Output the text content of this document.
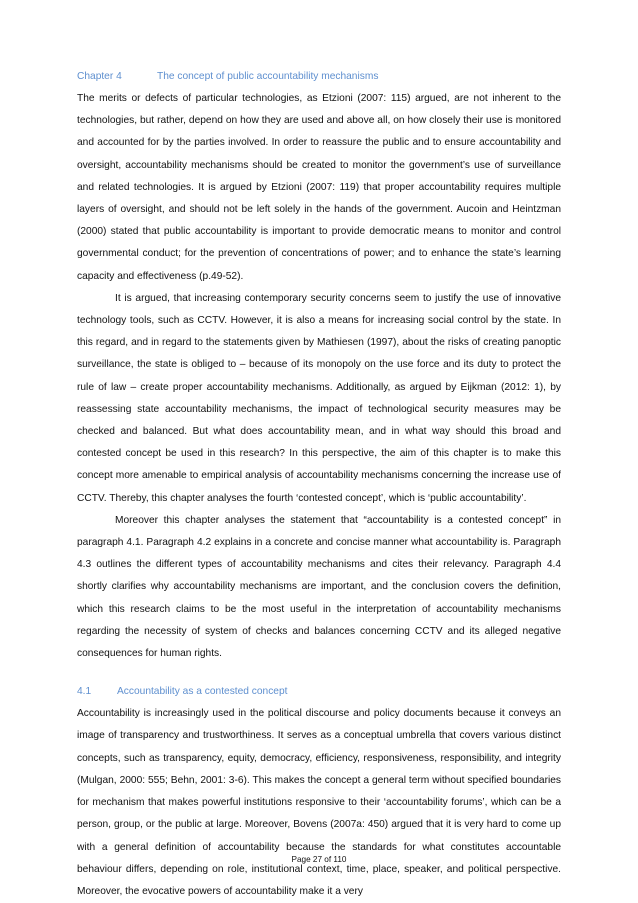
Chapter 4	The concept of public accountability mechanisms

The merits or defects of particular technologies, as Etzioni (2007: 115) argued, are not inherent to the technologies, but rather, depend on how they are used and above all, on how closely their use is monitored and accounted for by the parties involved. In order to reassure the public and to ensure accountability and oversight, accountability mechanisms should be created to monitor the government’s use of surveillance and related technologies. It is argued by Etzioni (2007: 119) that proper accountability requires multiple layers of oversight, and should not be left solely in the hands of the government. Aucoin and Heintzman (2000) stated that public accountability is important to provide democratic means to monitor and control governmental conduct; for the prevention of concentrations of power; and to enhance the state’s learning capacity and effectiveness (p.49-52).

It is argued, that increasing contemporary security concerns seem to justify the use of innovative technology tools, such as CCTV. However, it is also a means for increasing social control by the state. In this regard, and in regard to the statements given by Mathiesen (1997), about the risks of creating panoptic surveillance, the state is obliged to – because of its monopoly on the use force and its duty to protect the rule of law – create proper accountability mechanisms. Additionally, as argued by Eijkman (2012: 1), by reassessing state accountability mechanisms, the impact of technological security measures may be checked and balanced. But what does accountability mean, and in what way should this broad and contested concept be used in this research? In this perspective, the aim of this chapter is to make this concept more amenable to empirical analysis of accountability mechanisms concerning the increase use of CCTV. Thereby, this chapter analyses the fourth ‘contested concept’, which is ‘public accountability’.

Moreover this chapter analyses the statement that “accountability is a contested concept” in paragraph 4.1. Paragraph 4.2 explains in a concrete and concise manner what accountability is. Paragraph 4.3 outlines the different types of accountability mechanisms and cites their relevancy. Paragraph 4.4 shortly clarifies why accountability mechanisms are important, and the conclusion covers the definition, which this research claims to be the most useful in the interpretation of accountability mechanisms regarding the necessity of system of checks and balances concerning CCTV and its alleged negative consequences for human rights.

4.1	Accountability as a contested concept

Accountability is increasingly used in the political discourse and policy documents because it conveys an image of transparency and trustworthiness. It serves as a conceptual umbrella that covers various distinct concepts, such as transparency, equity, democracy, efficiency, responsiveness, responsibility, and integrity (Mulgan, 2000: 555; Behn, 2001: 3-6). This makes the concept a general term without specified boundaries for mechanism that makes powerful institutions responsive to their ‘accountability forums’, which can be a person, group, or the public at large. Moreover, Bovens (2007a: 450) argued that it is very hard to come up with a general definition of accountability because the standards for what constitutes accountable behaviour differs, depending on role, institutional context, time, place, speaker, and political perspective. Moreover, the evocative powers of accountability make it a very

Page 27 of 110
